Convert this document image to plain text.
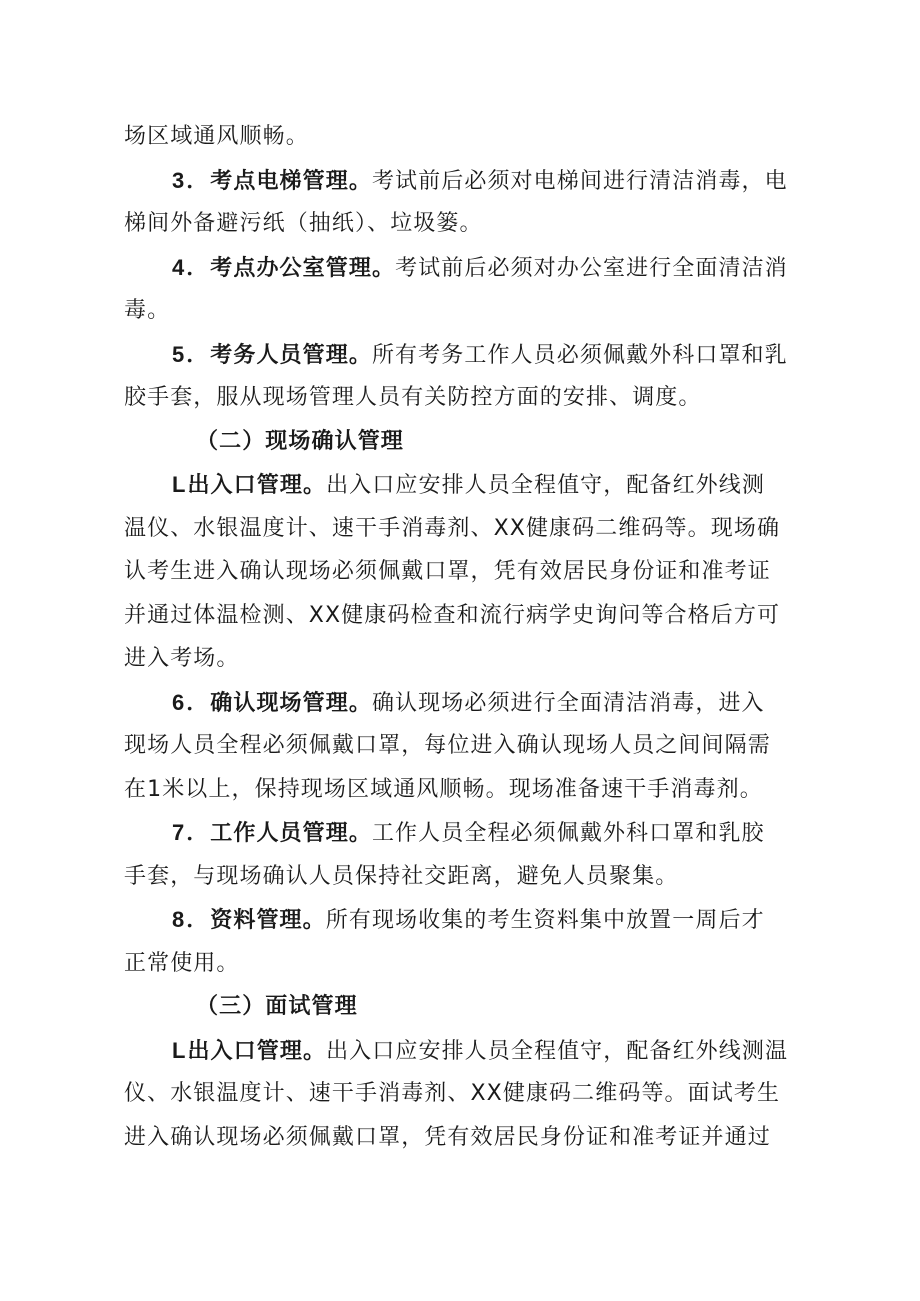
场区域通风顺畅。
3．考点电梯管理。考试前后必须对电梯间进行清洁消毒，电
梯间外备避污纸（抽纸）、垃圾篓。
4．考点办公室管理。考试前后必须对办公室进行全面清洁消
毒。
5．考务人员管理。所有考务工作人员必须佩戴外科口罩和乳
胶手套，服从现场管理人员有关防控方面的安排、调度。
（二）现场确认管理
L出入口管理。出入口应安排人员全程值守，配备红外线测
温仪、水银温度计、速干手消毒剂、XX健康码二维码等。现场确
认考生进入确认现场必须佩戴口罩，凭有效居民身份证和准考证
并通过体温检测、XX健康码检查和流行病学史询问等合格后方可
进入考场。
6．确认现场管理。确认现场必须进行全面清洁消毒，进入
现场人员全程必须佩戴口罩，每位进入确认现场人员之间间隔需
在1米以上，保持现场区域通风顺畅。现场准备速干手消毒剂。
7．工作人员管理。工作人员全程必须佩戴外科口罩和乳胶
手套，与现场确认人员保持社交距离，避免人员聚集。
8．资料管理。所有现场收集的考生资料集中放置一周后才
正常使用。
（三）面试管理
L出入口管理。出入口应安排人员全程值守，配备红外线测温
仪、水银温度计、速干手消毒剂、XX健康码二维码等。面试考生
进入确认现场必须佩戴口罩，凭有效居民身份证和准考证并通过
